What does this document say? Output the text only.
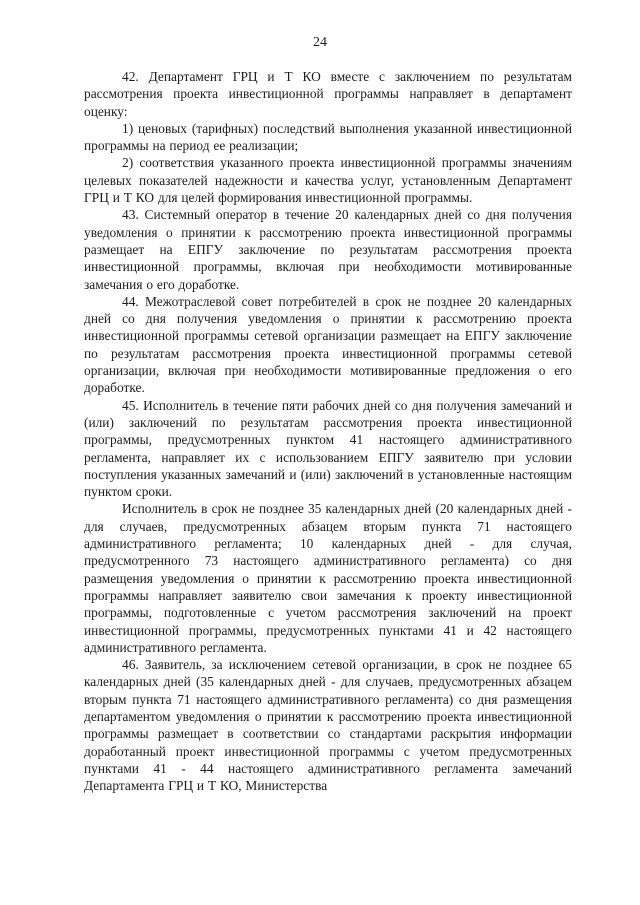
24

42. Департамент ГРЦ и Т КО вместе с заключением по результатам рассмотрения проекта инвестиционной программы направляет в департамент оценку:

1) ценовых (тарифных) последствий выполнения указанной инвестиционной программы на период ее реализации;

2) соответствия указанного проекта инвестиционной программы значениям целевых показателей надежности и качества услуг, установленным Департамент ГРЦ и Т КО для целей формирования инвестиционной программы.

43. Системный оператор в течение 20 календарных дней со дня получения уведомления о принятии к рассмотрению проекта инвестиционной программы размещает на ЕПГУ заключение по результатам рассмотрения проекта инвестиционной программы, включая при необходимости мотивированные замечания о его доработке.

44. Межотраслевой совет потребителей в срок не позднее 20 календарных дней со дня получения уведомления о принятии к рассмотрению проекта инвестиционной программы сетевой организации размещает на ЕПГУ заключение по результатам рассмотрения проекта инвестиционной программы сетевой организации, включая при необходимости мотивированные предложения о его доработке.

45. Исполнитель в течение пяти рабочих дней со дня получения замечаний и (или) заключений по результатам рассмотрения проекта инвестиционной программы, предусмотренных пунктом 41 настоящего административного регламента, направляет их с использованием ЕПГУ заявителю при условии поступления указанных замечаний и (или) заключений в установленные настоящим пунктом сроки.

Исполнитель в срок не позднее 35 календарных дней (20 календарных дней - для случаев, предусмотренных абзацем вторым пункта 71 настоящего административного регламента; 10 календарных дней - для случая, предусмотренного 73 настоящего административного регламента) со дня размещения уведомления о принятии к рассмотрению проекта инвестиционной программы направляет заявителю свои замечания к проекту инвестиционной программы, подготовленные с учетом рассмотрения заключений на проект инвестиционной программы, предусмотренных пунктами 41 и 42 настоящего административного регламента.

46. Заявитель, за исключением сетевой организации, в срок не позднее 65 календарных дней (35 календарных дней - для случаев, предусмотренных абзацем вторым пункта 71 настоящего административного регламента) со дня размещения департаментом уведомления о принятии к рассмотрению проекта инвестиционной программы размещает в соответствии со стандартами раскрытия информации доработанный проект инвестиционной программы с учетом предусмотренных пунктами 41 - 44 настоящего административного регламента замечаний Департамента ГРЦ и Т КО, Министерства
